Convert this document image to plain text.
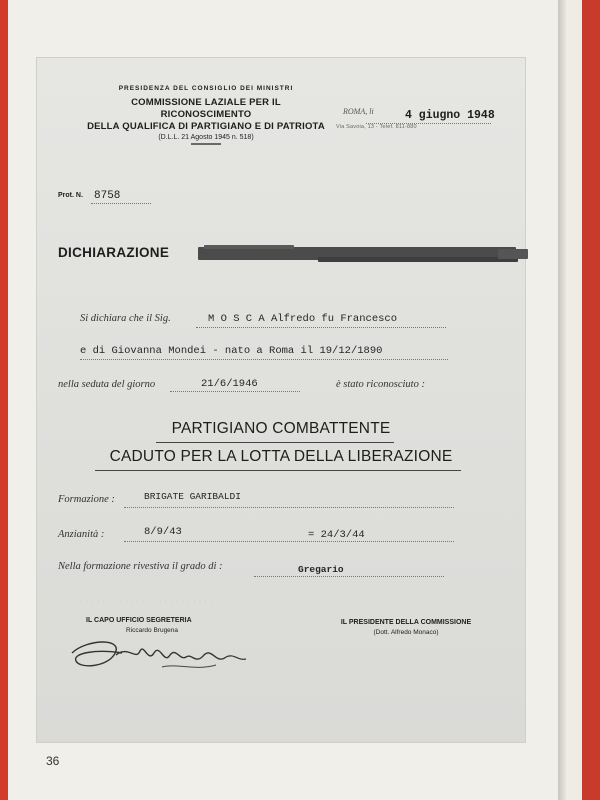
PRESIDENZA DEL CONSIGLIO DEI MINISTRI
COMMISSIONE LAZIALE PER IL RICONOSCIMENTO
DELLA QUALIFICA DI PARTIGIANO E DI PATRIOTA
(D.L.L. 21 Agosto 1945 n. 518)
ROMA, li	4 giugno 1948
Via Savoia, 13 - Telef. 811-880
Prot. N. 8758
DICHIARAZIONE
Si dichiara che il Sig.	M O S C A Alfredo fu Francesco
e di Giovanna Mondei - nato a Roma il 19/12/1890
nella seduta del giorno	21/6/1946	è stato riconosciuto :
PARTIGIANO COMBATTENTE
CADUTO PER LA LOTTA DELLA LIBERAZIONE
Formazione :	BRIGATE GARIBALDI
Anzianità :	8/9/43	= 24/3/44
Nella formazione rivestiva il grado di :	Gregario
· · · · · · · · · · · · · · · · · · · · · · · ·
IL CAPO UFFICIO SEGRETERIA
Riccardo Brugena
IL PRESIDENTE DELLA COMMISSIONE
(Dott. Alfredo Monaco)
36
